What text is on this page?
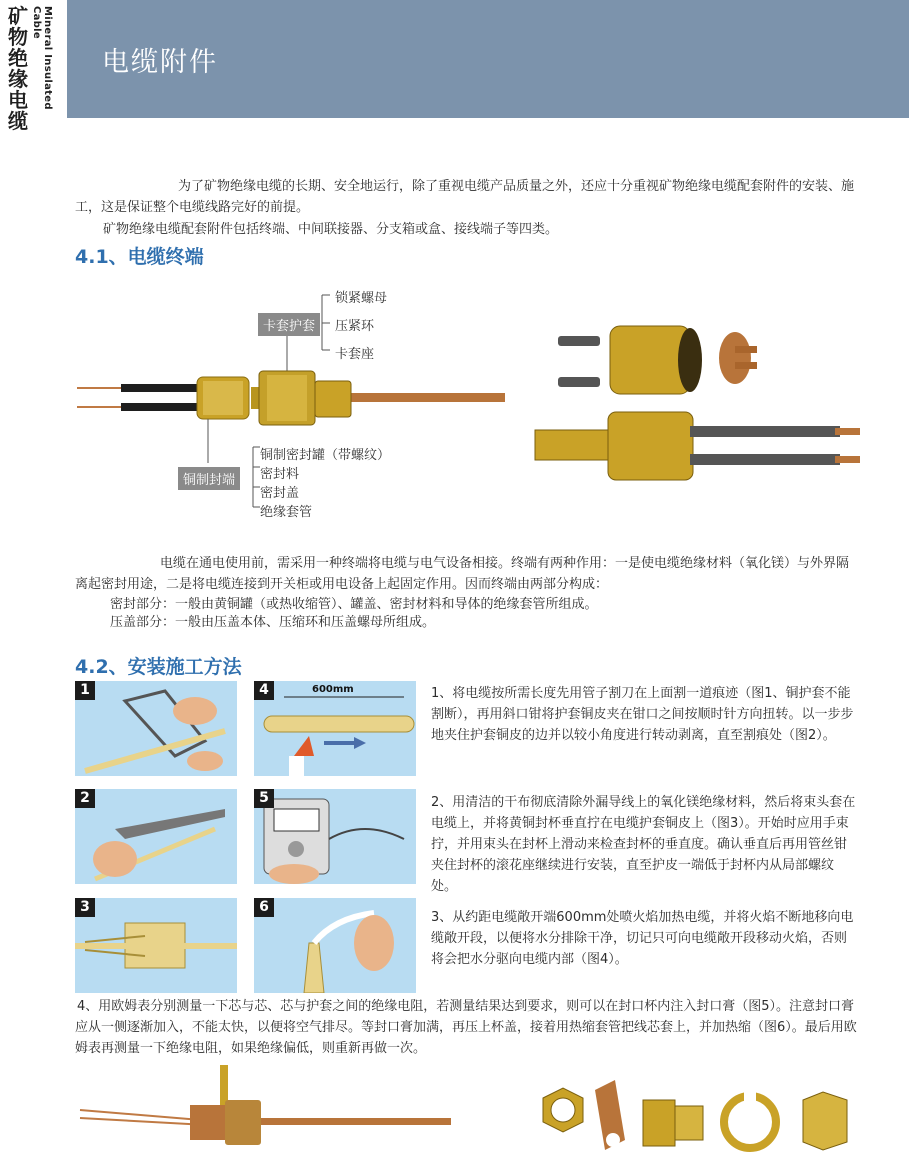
矿物绝缘电缆
Mineral Insulated Cable
电缆附件
为了矿物绝缘电缆的长期、安全地运行，除了重视电缆产品质量之外，还应十分重视矿物绝缘电缆配套附件的安装、施工，这是保证整个电缆线路完好的前提。
矿物绝缘电缆配套附件包括终端、中间联接器、分支箱或盒、接线端子等四类。
4.1、电缆终端
卡套护套
锁紧螺母
压紧环
卡套座
铜制封端
铜制密封罐（带螺纹）
密封料
密封盖
绝缘套管
电缆在通电使用前，需采用一种终端将电缆与电气设备相接。终端有两种作用：一是使电缆绝缘材料（氧化镁）与外界隔离起密封用途，二是将电缆连接到开关柜或用电设备上起固定作用。因而终端由两部分构成：
密封部分：一般由黄铜罐（或热收缩管）、罐盖、密封材料和导体的绝缘套管所组成。
压盖部分：一般由压盖本体、压缩环和压盖螺母所组成。
4.2、安装施工方法
1	4	600mm
2	5
3	6
1、将电缆按所需长度先用管子割刀在上面割一道痕迹（图1、铜护套不能割断），再用斜口钳将护套铜皮夹在钳口之间按顺时针方向扭转。以一步步地夹住护套铜皮的边并以较小角度进行转动剥离，直至割痕处（图2）。
2、用清洁的干布彻底清除外漏导线上的氧化镁绝缘材料，然后将束头套在电缆上，并将黄铜封杯垂直拧在电缆护套铜皮上（图3）。开始时应用手束拧，并用束头在封杯上滑动来检查封杯的垂直度。确认垂直后再用管丝钳夹住封杯的滚花座继续进行安装，直至护皮一端低于封杯内从局部螺纹处。
3、从约距电缆敞开端600mm处喷火焰加热电缆，并将火焰不断地移向电缆敞开段，以便将水分排除干净，切记只可向电缆敞开段移动火焰，否则将会把水分驱向电缆内部（图4）。
4、用欧姆表分别测量一下芯与芯、芯与护套之间的绝缘电阻，若测量结果达到要求，则可以在封口杯内注入封口膏（图5）。注意封口膏应从一侧逐渐加入，不能太快，以便将空气排尽。等封口膏加满，再压上杯盖，接着用热缩套管把线芯套上，并加热缩（图6）。最后用欧姆表再测量一下绝缘电阻，如果绝缘偏低，则重新再做一次。
